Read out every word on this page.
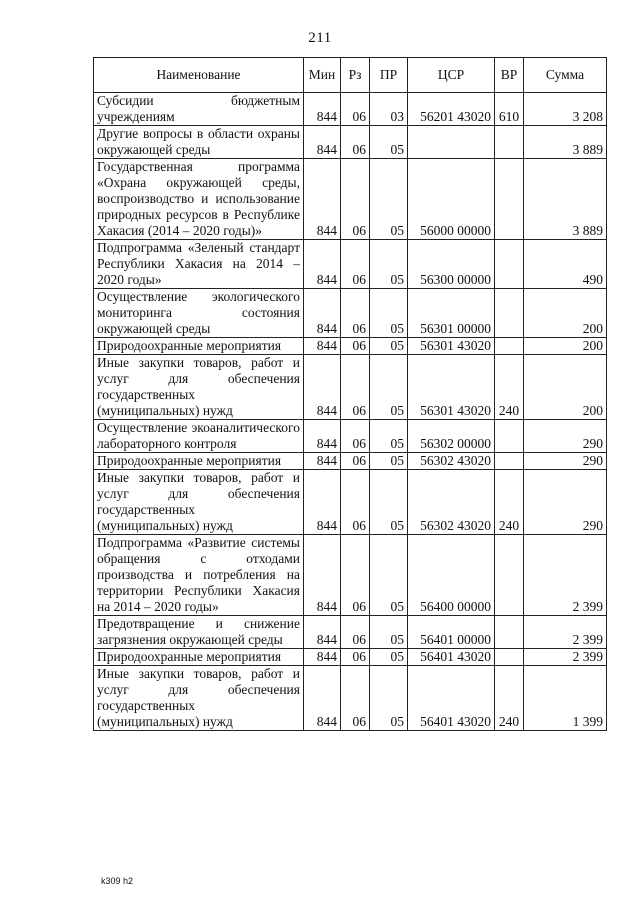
211
Наименование	Мин	Рз	ПР	ЦСР	ВР	Сумма
Субсидии бюджетным учреждениям	844	06	03	56201 43020	610	3 208
Другие вопросы в области охраны окружающей среды	844	06	05			3 889
Государственная программа «Охрана окружающей среды, воспроизводство и использование природных ресурсов в Республике Хакасия (2014 – 2020 годы)»	844	06	05	56000 00000		3 889
Подпрограмма «Зеленый стандарт Республики Хакасия на 2014 – 2020 годы»	844	06	05	56300 00000		490
Осуществление экологического мониторинга состояния окружающей среды	844	06	05	56301 00000		200
Природоохранные мероприятия	844	06	05	56301 43020		200
Иные закупки товаров, работ и услуг для обеспечения государственных (муниципальных) нужд	844	06	05	56301 43020	240	200
Осуществление экоаналитического лабораторного контроля	844	06	05	56302 00000		290
Природоохранные мероприятия	844	06	05	56302 43020		290
Иные закупки товаров, работ и услуг для обеспечения государственных (муниципальных) нужд	844	06	05	56302 43020	240	290
Подпрограмма «Развитие системы обращения с отходами производства и потребления на территории Республики Хакасия на 2014 – 2020 годы»	844	06	05	56400 00000		2 399
Предотвращение и снижение загрязнения окружающей среды	844	06	05	56401 00000		2 399
Природоохранные мероприятия	844	06	05	56401 43020		2 399
Иные закупки товаров, работ и услуг для обеспечения государственных (муниципальных) нужд	844	06	05	56401 43020	240	1 399
k309 h2
